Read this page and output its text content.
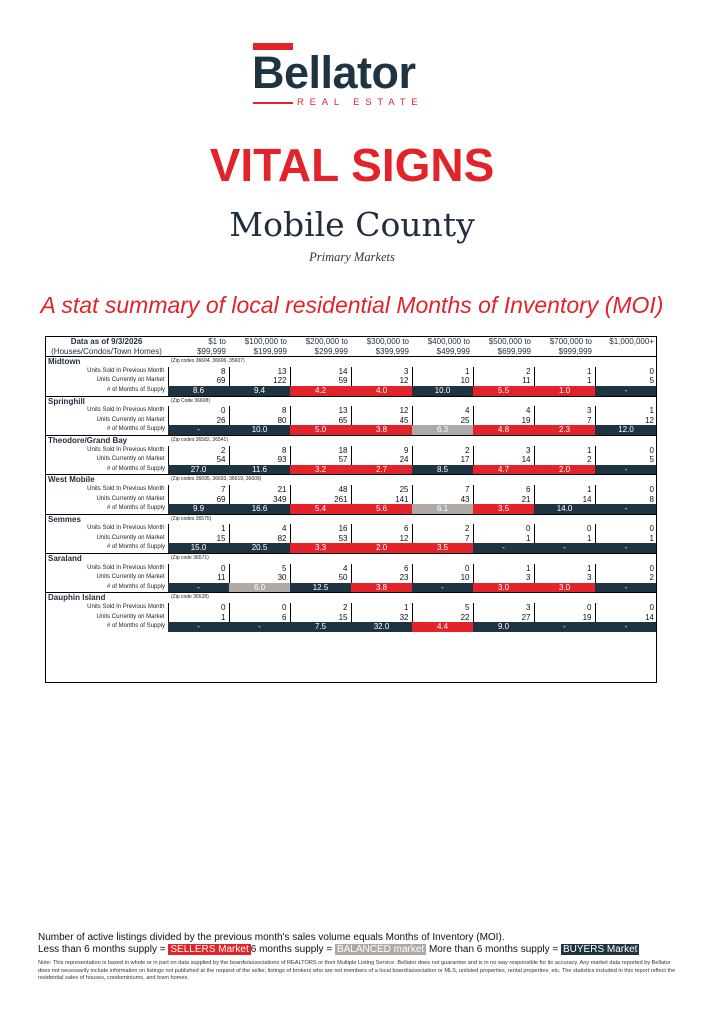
Bellator
REAL ESTATE
VITAL SIGNS
Mobile County
Primary Markets
A stat summary of local residential Months of Inventory (MOI)
Data as of 9/3/2026	$1 to	$100,000 to	$200,000 to	$300,000 to	$400,000 to	$500,000 to	$700,000 to	$1,000,000+
(Houses/Condos/Town Homes)	$99,999	$199,999	$299,999	$399,999	$499,999	$699,999	$999,999	
Midtown	(Zip codes 36604, 36606, 35607)							
Units Sold In Previous Month	8	13	14	3	1	2	1	0
Units Currently on Market	69	122	59	12	10	11	1	5
# of Months of Supply	8.6	9.4	4.2	4.0	10.0	5.5	1.0	-
Springhill	(Zip Code 36608)							
Units Sold In Previous Month	0	8	13	12	4	4	3	1
Units Currently on Market	26	80	65	45	25	19	7	12
# of Months of Supply	-	10.0	5.0	3.8	6.3	4.8	2.3	12.0
Theodore/Grand Bay	(Zip codes 36582, 36541)							
Units Sold In Previous Month	2	8	18	9	2	3	1	0
Units Currently on Market	54	93	57	24	17	14	2	5
# of Months of Supply	27.0	11.6	3.2	2.7	8.5	4.7	2.0	-
West Mobile	(Zip codes 36695, 36693, 36619, 36609)							
Units Sold In Previous Month	7	21	48	25	7	6	1	0
Units Currently on Market	69	349	261	141	43	21	14	8
# of Months of Supply	9.9	16.6	5.4	5.6	6.1	3.5	14.0	-
Semmes	(Zip codes 36575)							
Units Sold In Previous Month	1	4	16	6	2	0	0	0
Units Currently on Market	15	82	53	12	7	1	1	1
# of Months of Supply	15.0	20.5	3.3	2.0	3.5	-	-	-
Saraland	(Zip code 36571)							
Units Sold In Previous Month	0	5	4	6	0	1	1	0
Units Currently on Market	11	30	50	23	10	3	3	2
# of Months of Supply	-	6.0	12.5	3.8	-	3.0	3.0	-
Dauphin Island	(Zip code 36528)							
Units Sold In Previous Month	0	0	2	1	5	3	0	0
Units Currently on Market	1	6	15	32	22	27	19	14
# of Months of Supply	-	-	7.5	32.0	4.4	9.0	-	-
Number of active listings divided by the previous month's sales volume equals Months of Inventory (MOI).
Less than 6 months supply = SELLERS Market 6 months supply = BALANCED market More than 6 months supply = BUYERS Market
Note: This representation is based in whole or in part on data supplied by the boards/associations of REALTORS or their Multiple Listing Service. Bellator does not guarantee and is in no way responsible for its accuracy. Any market data reported by Bellator does not necessarily include information on listings not published at the request of the seller, listings of brokers who are not members of a local board/association or MLS, unlisted properties, rental properties, etc. The statistics included in this report reflect the residential sales of houses, condominiums, and town homes.
